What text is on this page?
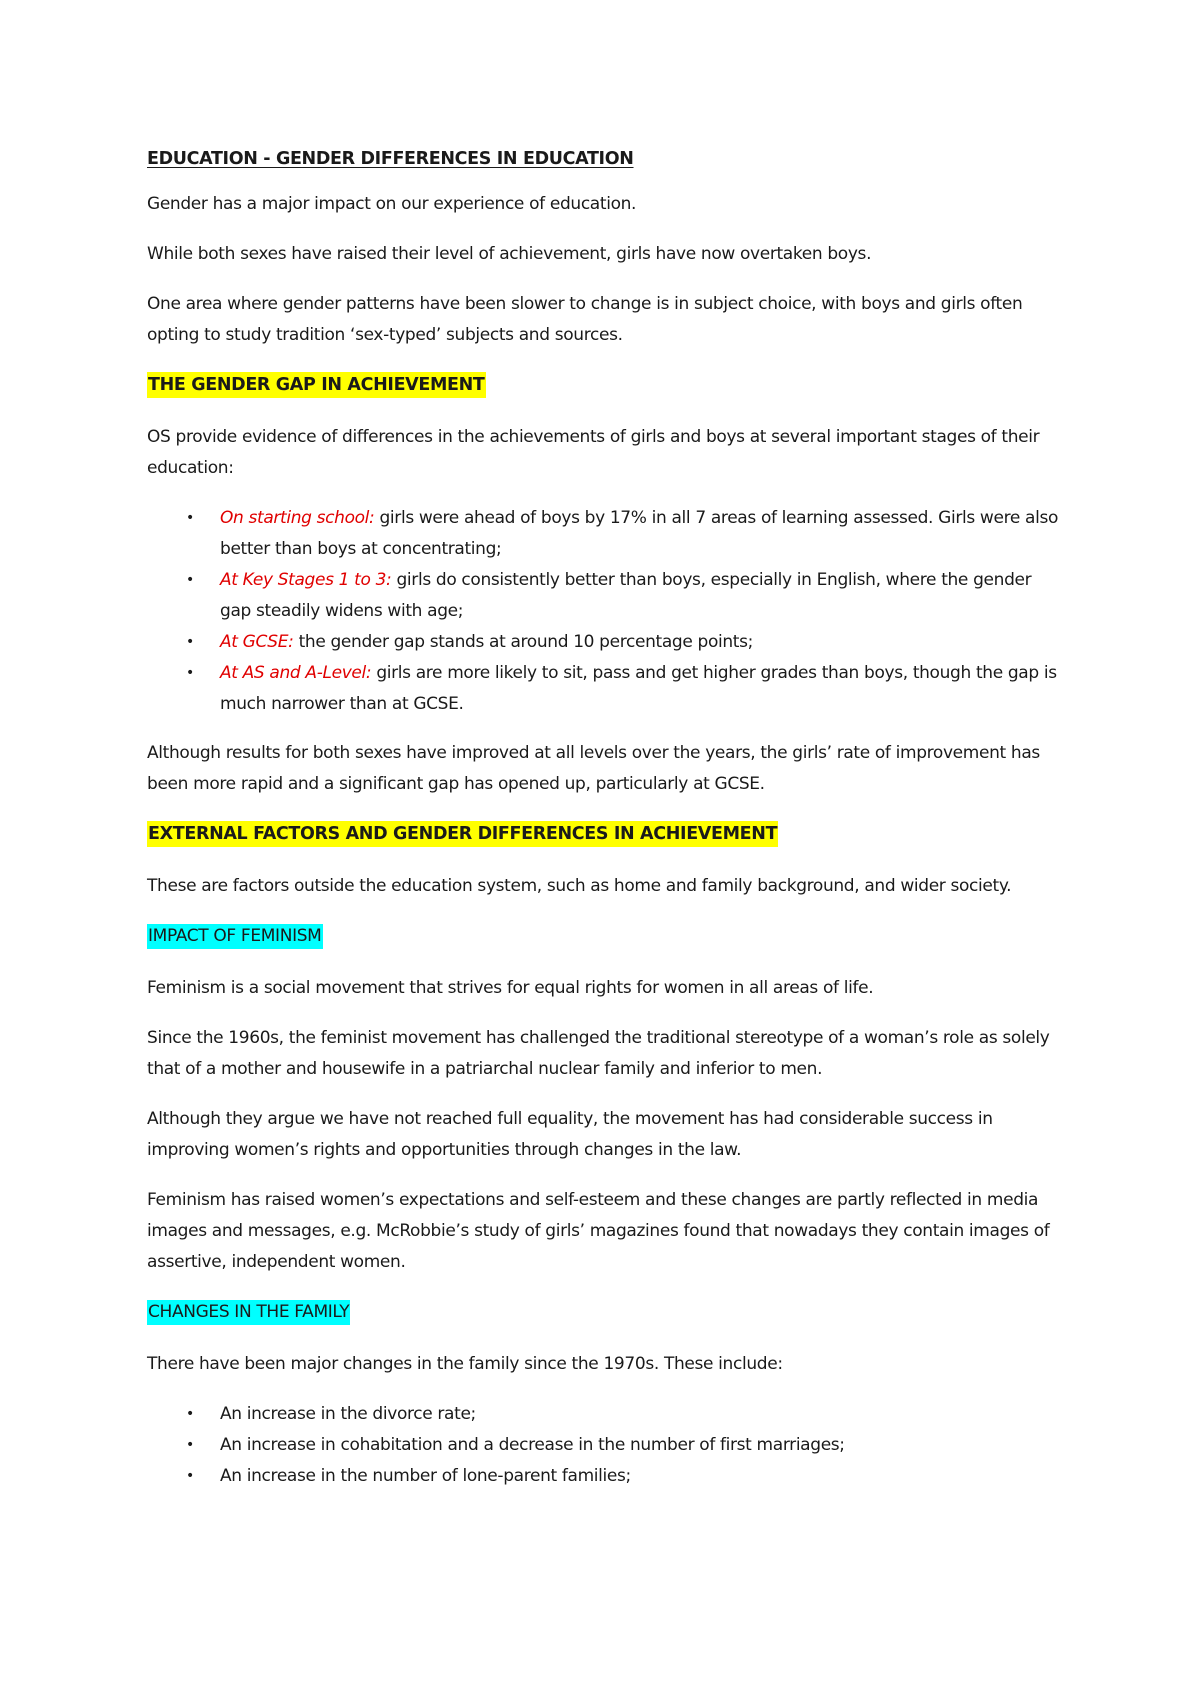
EDUCATION - GENDER DIFFERENCES IN EDUCATION

Gender has a major impact on our experience of education.

While both sexes have raised their level of achievement, girls have now overtaken boys.

One area where gender patterns have been slower to change is in subject choice, with boys and girls often opting to study tradition ‘sex-typed’ subjects and sources.

THE GENDER GAP IN ACHIEVEMENT

OS provide evidence of differences in the achievements of girls and boys at several important stages of their education:

• On starting school: girls were ahead of boys by 17% in all 7 areas of learning assessed. Girls were also better than boys at concentrating;
• At Key Stages 1 to 3: girls do consistently better than boys, especially in English, where the gender gap steadily widens with age;
• At GCSE: the gender gap stands at around 10 percentage points;
• At AS and A-Level: girls are more likely to sit, pass and get higher grades than boys, though the gap is much narrower than at GCSE.

Although results for both sexes have improved at all levels over the years, the girls’ rate of improvement has been more rapid and a significant gap has opened up, particularly at GCSE.

EXTERNAL FACTORS AND GENDER DIFFERENCES IN ACHIEVEMENT

These are factors outside the education system, such as home and family background, and wider society.

IMPACT OF FEMINISM

Feminism is a social movement that strives for equal rights for women in all areas of life.

Since the 1960s, the feminist movement has challenged the traditional stereotype of a woman’s role as solely that of a mother and housewife in a patriarchal nuclear family and inferior to men.

Although they argue we have not reached full equality, the movement has had considerable success in improving women’s rights and opportunities through changes in the law.

Feminism has raised women’s expectations and self-esteem and these changes are partly reflected in media images and messages, e.g. McRobbie’s study of girls’ magazines found that nowadays they contain images of assertive, independent women.

CHANGES IN THE FAMILY

There have been major changes in the family since the 1970s. These include:

• An increase in the divorce rate;
• An increase in cohabitation and a decrease in the number of first marriages;
• An increase in the number of lone-parent families;
